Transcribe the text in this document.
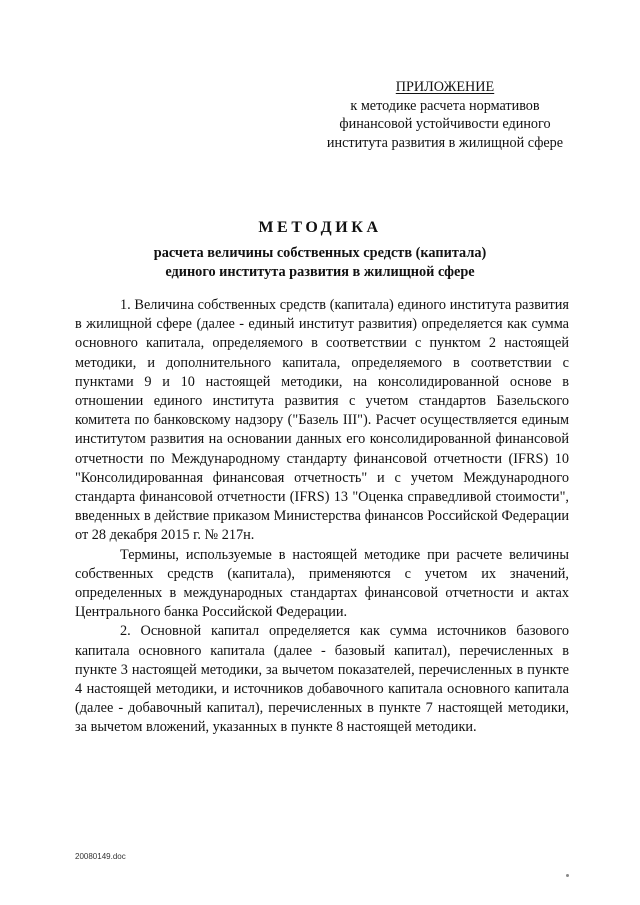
ПРИЛОЖЕНИЕ
к методике расчета нормативов
финансовой устойчивости единого
института развития в жилищной сфере
МЕТОДИКА
расчета величины собственных средств (капитала)
единого института развития в жилищной сфере

1. Величина собственных средств (капитала) единого института развития в жилищной сфере (далее - единый институт развития) определяется как сумма основного капитала, определяемого в соответствии с пунктом 2 настоящей методики, и дополнительного капитала, определяемого в соответствии с пунктами 9 и 10 настоящей методики, на консолидированной основе в отношении единого института развития с учетом стандартов Базельского комитета по банковскому надзору ("Базель III"). Расчет осуществляется единым институтом развития на основании данных его консолидированной финансовой отчетности по Международному стандарту финансовой отчетности (IFRS) 10 "Консолидированная финансовая отчетность" и с учетом Международного стандарта финансовой отчетности (IFRS) 13 "Оценка справедливой стоимости", введенных в действие приказом Министерства финансов Российской Федерации от 28 декабря 2015 г. № 217н.

Термины, используемые в настоящей методике при расчете величины собственных средств (капитала), применяются с учетом их значений, определенных в международных стандартах финансовой отчетности и актах Центрального банка Российской Федерации.

2. Основной капитал определяется как сумма источников базового капитала основного капитала (далее - базовый капитал), перечисленных в пункте 3 настоящей методики, за вычетом показателей, перечисленных в пункте 4 настоящей методики, и источников добавочного капитала основного капитала (далее - добавочный капитал), перечисленных в пункте 7 настоящей методики, за вычетом вложений, указанных в пункте 8 настоящей методики.

20080149.doc
